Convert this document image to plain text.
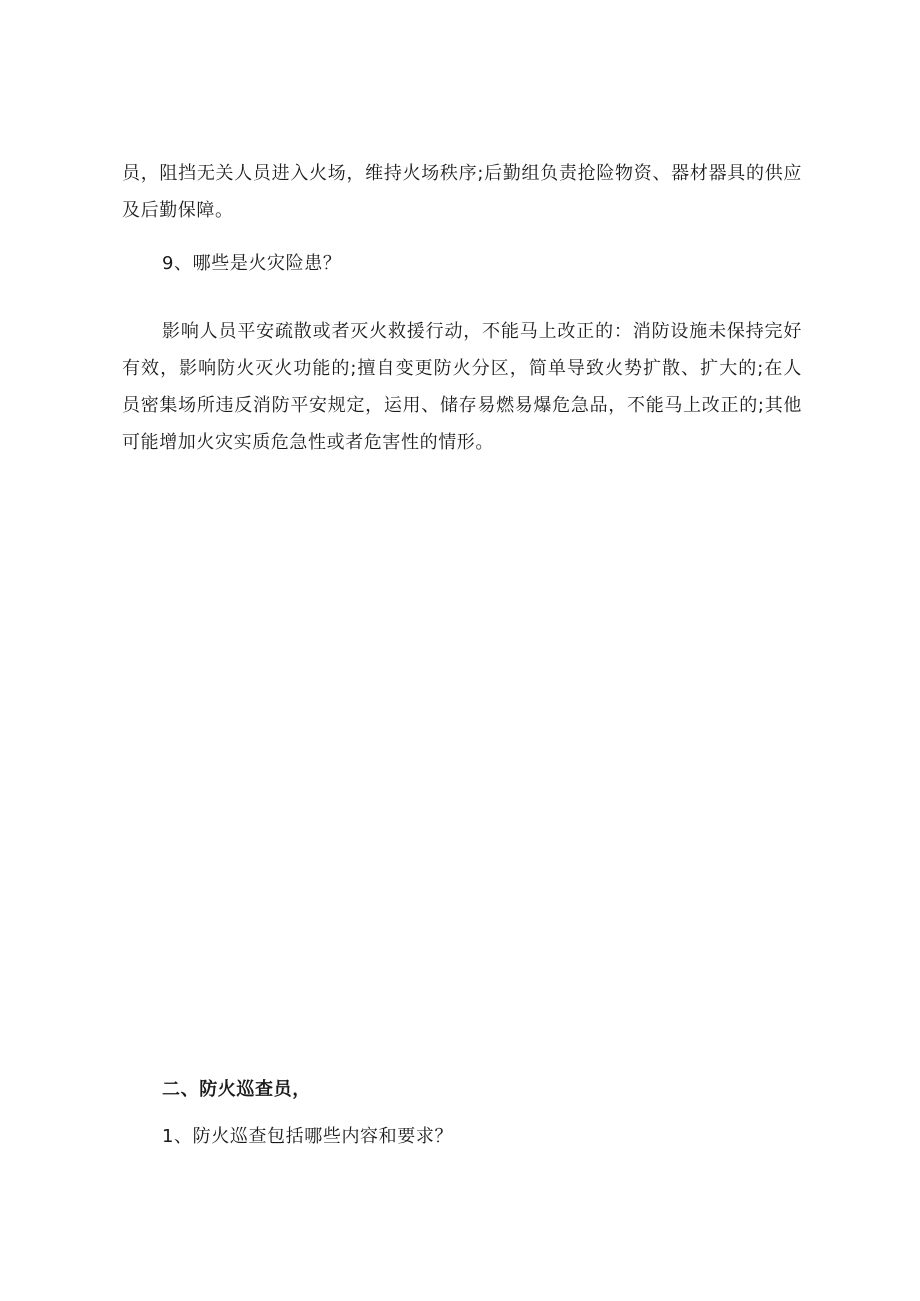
员，阻挡无关人员进入火场，维持火场秩序;后勤组负责抢险物资、器材器具的供应及后勤保障。

9、哪些是火灾险患？

影响人员平安疏散或者灭火救援行动，不能马上改正的：消防设施未保持完好有效，影响防火灭火功能的;擅自变更防火分区，简单导致火势扩散、扩大的;在人员密集场所违反消防平安规定，运用、储存易燃易爆危急品，不能马上改正的;其他可能增加火灾实质危急性或者危害性的情形。

二、防火巡查员，

1、防火巡查包括哪些内容和要求？
